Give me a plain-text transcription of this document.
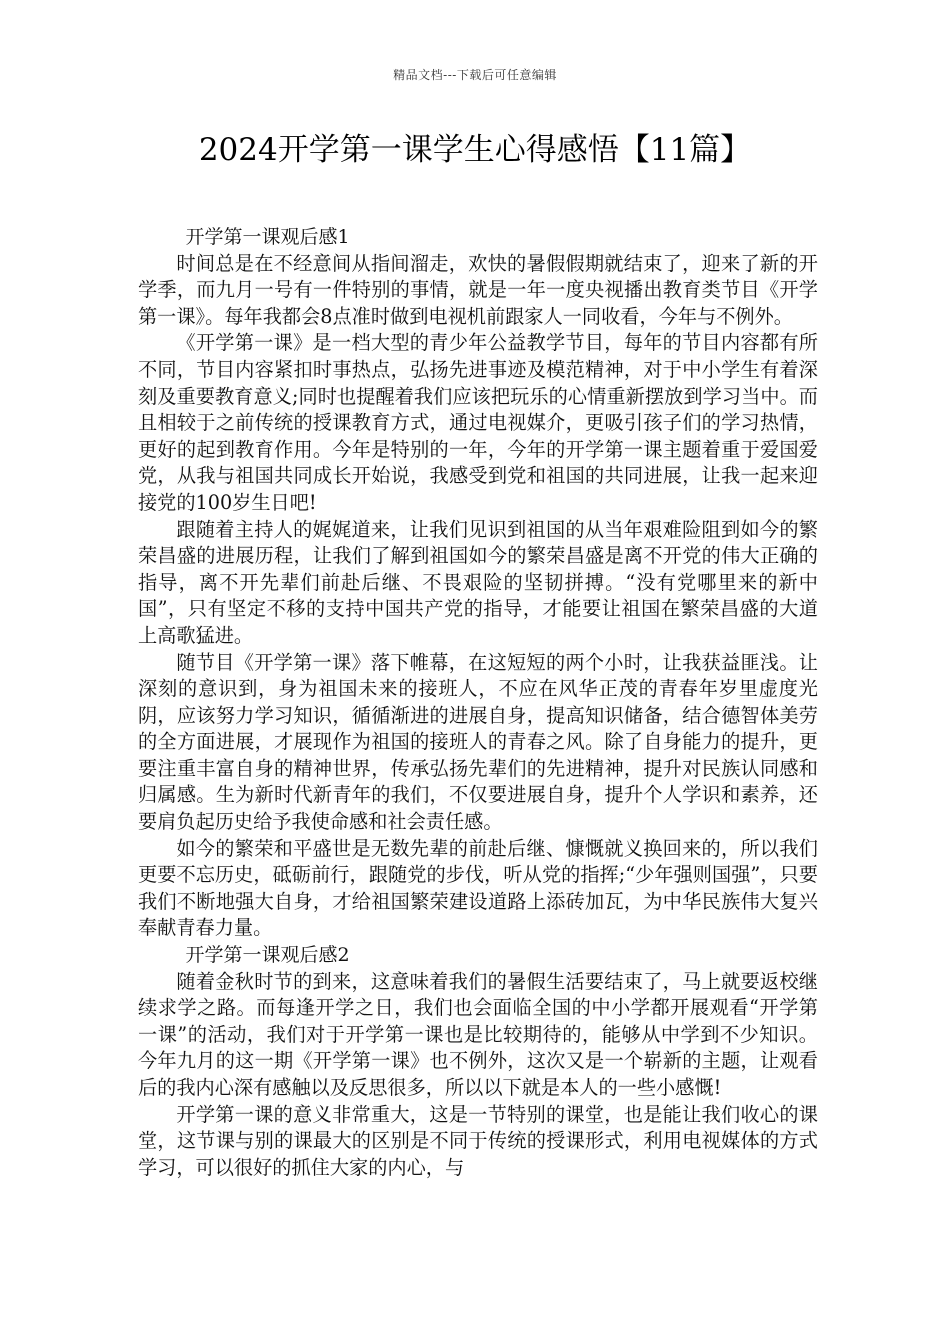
精品文档---下载后可任意编辑
2024开学第一课学生心得感悟【11篇】

开学第一课观后感1

时间总是在不经意间从指间溜走，欢快的暑假假期就结束了，迎来了新的开学季，而九月一号有一件特别的事情，就是一年一度央视播出教育类节目《开学第一课》。每年我都会8点准时做到电视机前跟家人一同收看，今年与不例外。

《开学第一课》是一档大型的青少年公益教学节目，每年的节目内容都有所不同，节目内容紧扣时事热点，弘扬先进事迹及模范精神，对于中小学生有着深刻及重要教育意义;同时也提醒着我们应该把玩乐的心情重新摆放到学习当中。而且相较于之前传统的授课教育方式，通过电视媒介，更吸引孩子们的学习热情，更好的起到教育作用。今年是特别的一年，今年的开学第一课主题着重于爱国爱党，从我与祖国共同成长开始说，我感受到党和祖国的共同进展，让我一起来迎接党的100岁生日吧!

跟随着主持人的娓娓道来，让我们见识到祖国的从当年艰难险阻到如今的繁荣昌盛的进展历程，让我们了解到祖国如今的繁荣昌盛是离不开党的伟大正确的指导，离不开先辈们前赴后继、不畏艰险的坚韧拼搏。“没有党哪里来的新中国”，只有坚定不移的支持中国共产党的指导，才能要让祖国在繁荣昌盛的大道上高歌猛进。

随节目《开学第一课》落下帷幕，在这短短的两个小时，让我获益匪浅。让深刻的意识到，身为祖国未来的接班人，不应在风华正茂的青春年岁里虚度光阴，应该努力学习知识，循循渐进的进展自身，提高知识储备，结合德智体美劳的全方面进展，才展现作为祖国的接班人的青春之风。除了自身能力的提升，更要注重丰富自身的精神世界，传承弘扬先辈们的先进精神，提升对民族认同感和归属感。生为新时代新青年的我们，不仅要进展自身，提升个人学识和素养，还要肩负起历史给予我使命感和社会责任感。

如今的繁荣和平盛世是无数先辈的前赴后继、慷慨就义换回来的，所以我们更要不忘历史，砥砺前行，跟随党的步伐，听从党的指挥;“少年强则国强”，只要我们不断地强大自身，才给祖国繁荣建设道路上添砖加瓦，为中华民族伟大复兴奉献青春力量。

开学第一课观后感2

随着金秋时节的到来，这意味着我们的暑假生活要结束了，马上就要返校继续求学之路。而每逢开学之日，我们也会面临全国的中小学都开展观看“开学第一课”的活动，我们对于开学第一课也是比较期待的，能够从中学到不少知识。今年九月的这一期《开学第一课》也不例外，这次又是一个崭新的主题，让观看后的我内心深有感触以及反思很多，所以以下就是本人的一些小感慨!

开学第一课的意义非常重大，这是一节特别的课堂，也是能让我们收心的课堂，这节课与别的课最大的区别是不同于传统的授课形式，利用电视媒体的方式学习，可以很好的抓住大家的内心，与
